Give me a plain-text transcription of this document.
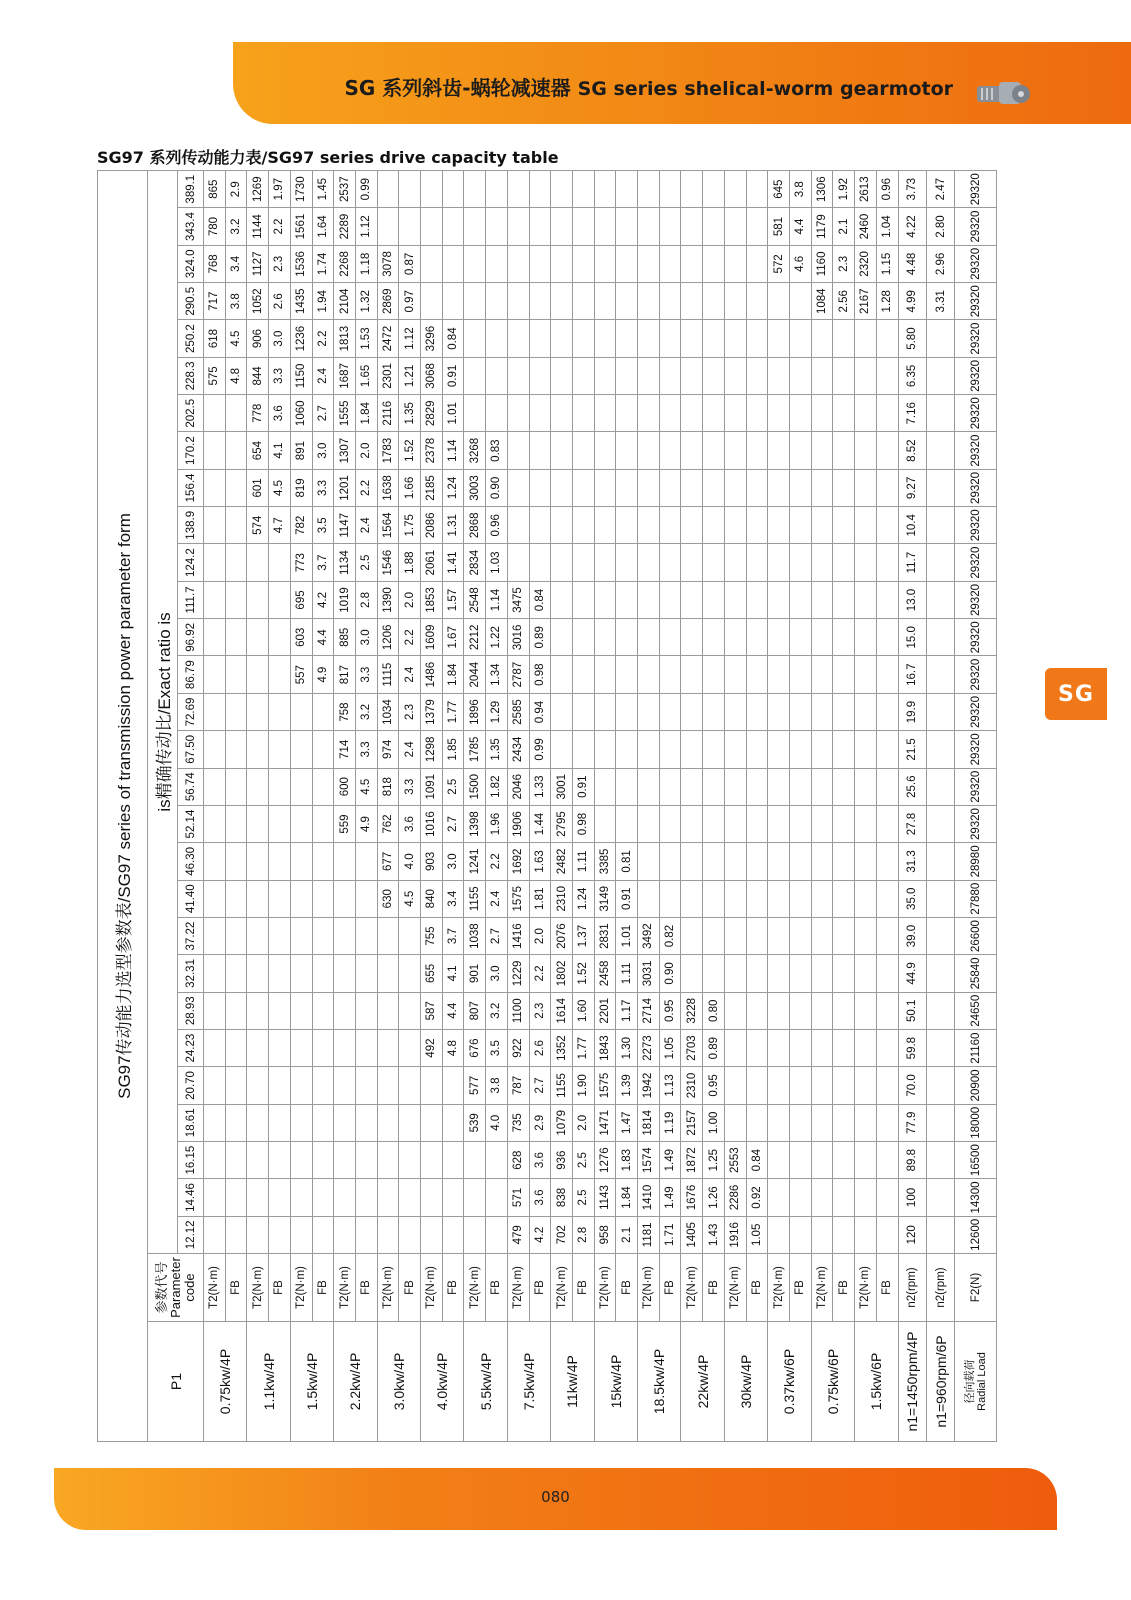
SG 系列斜齿-蜗轮减速器 SG series shelical-worm gearmotor
SG97 系列传动能力表/SG97 series drive capacity table
SG97传动能力选型参数表/SG97 series of transmission power parameter form																														
P1	参数代号 Parameter code	is精确传动比/Exact ratio is																												
		12.12	14.46	16.15	18.61	20.70	24.23	28.93	32.31	37.22	41.40	46.30	52.14	56.74	67.50	72.69	86.79	96.92	111.7	124.2	138.9	156.4	170.2	202.5	228.3	250.2	290.5	324.0	343.4	389.1
0.75kw/4P	T2(N·m)																								575	618	717	768	780	865
	FB																								4.8	4.5	3.8	3.4	3.2	2.9
1.1kw/4P	T2(N·m)																				574	601	654	778	844	906	1052	1127	1144	1269
	FB																				4.7	4.5	4.1	3.6	3.3	3.0	2.6	2.3	2.2	1.97
1.5kw/4P	T2(N·m)																557	603	695	773	782	819	891	1060	1150	1236	1435	1536	1561	1730
	FB																4.9	4.4	4.2	3.7	3.5	3.3	3.0	2.7	2.4	2.2	1.94	1.74	1.64	1.45
2.2kw/4P	T2(N·m)												559	600	714	758	817	885	1019	1134	1147	1201	1307	1555	1687	1813	2104	2268	2289	2537
	FB												4.9	4.5	3.3	3.2	3.3	3.0	2.8	2.5	2.4	2.2	2.0	1.84	1.65	1.53	1.32	1.18	1.12	0.99
3.0kw/4P	T2(N·m)										630	677	762	818	974	1034	1115	1206	1390	1546	1564	1638	1783	2116	2301	2472	2869	3078		
	FB										4.5	4.0	3.6	3.3	2.4	2.3	2.4	2.2	2.0	1.88	1.75	1.66	1.52	1.35	1.21	1.12	0.97	0.87		
4.0kw/4P	T2(N·m)						492	587	655	755	840	903	1016	1091	1298	1379	1486	1609	1853	2061	2086	2185	2378	2829	3068	3296				
	FB						4.8	4.4	4.1	3.7	3.4	3.0	2.7	2.5	1.85	1.77	1.84	1.67	1.57	1.41	1.31	1.24	1.14	1.01	0.91	0.84				
5.5kw/4P	T2(N·m)				539	577	676	807	901	1038	1155	1241	1398	1500	1785	1896	2044	2212	2548	2834	2868	3003	3268							
	FB				4.0	3.8	3.5	3.2	3.0	2.7	2.4	2.2	1.96	1.82	1.35	1.29	1.34	1.22	1.14	1.03	0.96	0.90	0.83							
7.5kw/4P	T2(N·m)	479	571	628	735	787	922	1100	1229	1416	1575	1692	1906	2046	2434	2585	2787	3016	3475											
	FB	4.2	3.6	3.6	2.9	2.7	2.6	2.3	2.2	2.0	1.81	1.63	1.44	1.33	0.99	0.94	0.98	0.89	0.84											
11kw/4P	T2(N·m)	702	838	936	1079	1155	1352	1614	1802	2076	2310	2482	2795	3001																
	FB	2.8	2.5	2.5	2.0	1.90	1.77	1.60	1.52	1.37	1.24	1.11	0.98	0.91																
15kw/4P	T2(N·m)	958	1143	1276	1471	1575	1843	2201	2458	2831	3149	3385																		
	FB	2.1	1.84	1.83	1.47	1.39	1.30	1.17	1.11	1.01	0.91	0.81																		
18.5kw/4P	T2(N·m)	1181	1410	1574	1814	1942	2273	2714	3031	3492																				
	FB	1.71	1.49	1.49	1.19	1.13	1.05	0.95	0.90	0.82																				
22kw/4P	T2(N·m)	1405	1676	1872	2157	2310	2703	3228																						
	FB	1.43	1.26	1.25	1.00	0.95	0.89	0.80																						
30kw/4P	T2(N·m)	1916	2286	2553																										
	FB	1.05	0.92	0.84																										
0.37kw/6P	T2(N·m)																											572	581	645
	FB																											4.6	4.4	3.8
0.75kw/6P	T2(N·m)																										1084	1160	1179	1306
	FB																										2.56	2.3	2.1	1.92
1.5kw/6P	T2(N·m)																										2167	2320	2460	2613
	FB																										1.28	1.15	1.04	0.96
n1=1450rpm/4P	n2(rpm)	120	100	89.8	77.9	70.0	59.8	50.1	44.9	39.0	35.0	31.3	27.8	25.6	21.5	19.9	16.7	15.0	13.0	11.7	10.4	9.27	8.52	7.16	6.35	5.80	4.99	4.48	4.22	3.73
n1=960rpm/6P	n2(rpm)																										3.31	2.96	2.80	2.47

径向载荷 Radial Load	F2(N)	12600	14300	16500	18000	20900	21160	24650	25840	26600	27880	28980	29320	29320	29320	29320	29320	29320	29320	29320	29320	29320	29320	29320	29320	29320	29320	29320	29320	29320
SG
080
